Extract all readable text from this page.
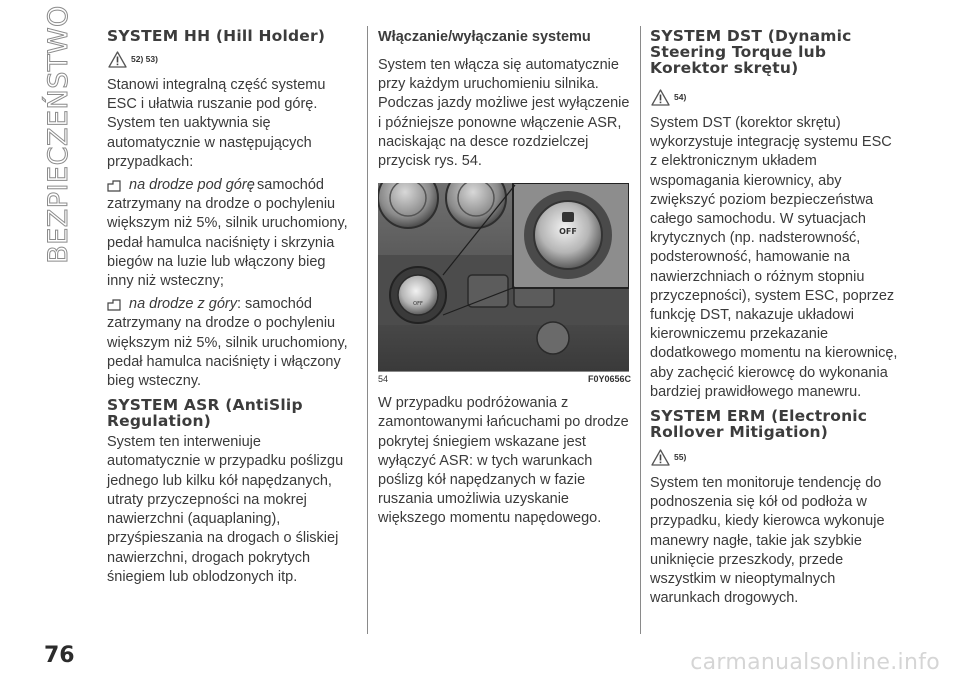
BEZPIECZEŃSTWO SYSTEM HH (Hill Holder)
52) 53)

Stanowi integralną część systemu ESC i ułatwia ruszanie pod górę.

System ten uaktywnia się automatycznie w następujących przypadkach:

na drodze pod górę

: samochód zatrzymany na drodze o pochyleniu większym niż 5%, silnik uruchomiony, pedał hamulca naciśnięty i skrzynia biegów na luzie lub włączony bieg inny niż wsteczny;

na drodze z góry : samochód zatrzymany na drodze o pochyleniu większym niż 5%, silnik uruchomiony, pedał hamulca naciśnięty i włączony bieg wsteczny.

SYSTEM ASR (AntiSlip Regulation)

System ten interweniuje automatycznie w przypadku poślizgu jednego lub kilku kół napędzanych, utraty przyczepności na mokrej nawierzchni (aquaplaning), przyśpieszania na drogach o śliskiej nawierzchni, drogach pokrytych śniegiem lub oblodzonych itp.

Włączanie/wyłączanie systemu

System ten włącza się automatycznie przy każdym uruchomieniu silnika. Podczas jazdy możliwe jest wyłączenie i późniejsze ponowne włączenie ASR, naciskając na desce rozdzielczej przycisk rys. 54.

OFF
OFF
54	F0Y0656C

W przypadku podróżowania z zamontowanymi łańcuchami po drodze pokrytej śniegiem wskazane jest wyłączyć ASR: w tych warunkach poślizg kół napędzanych w fazie ruszania umożliwia uzyskanie większego momentu napędowego.

SYSTEM DST (Dynamic Steering Torque lub Korektor skrętu)
54)

System DST (korektor skrętu) wykorzystuje integrację systemu ESC z elektronicznym układem wspomagania kierownicy, aby zwiększyć poziom bezpieczeństwa całego samochodu. W sytuacjach krytycznych (np. nadsterowność, podsterowność, hamowanie na nawierzchniach o różnym stopniu przyczepności), system ESC, poprzez funkcję DST, nakazuje układowi kierowniczemu przekazanie dodatkowego momentu na kierownicę, aby zachęcić kierowcę do wykonania bardziej prawidłowego manewru.

SYSTEM ERM (Electronic Rollover Mitigation)
55)

System ten monitoruje tendencję do podnoszenia się kół od podłoża w przypadku, kiedy kierowca wykonuje manewry nagłe, takie jak szybkie uniknięcie przeszkody, przede wszystkim w nieoptymalnych warunkach drogowych.

76	carmanualsonline.info
